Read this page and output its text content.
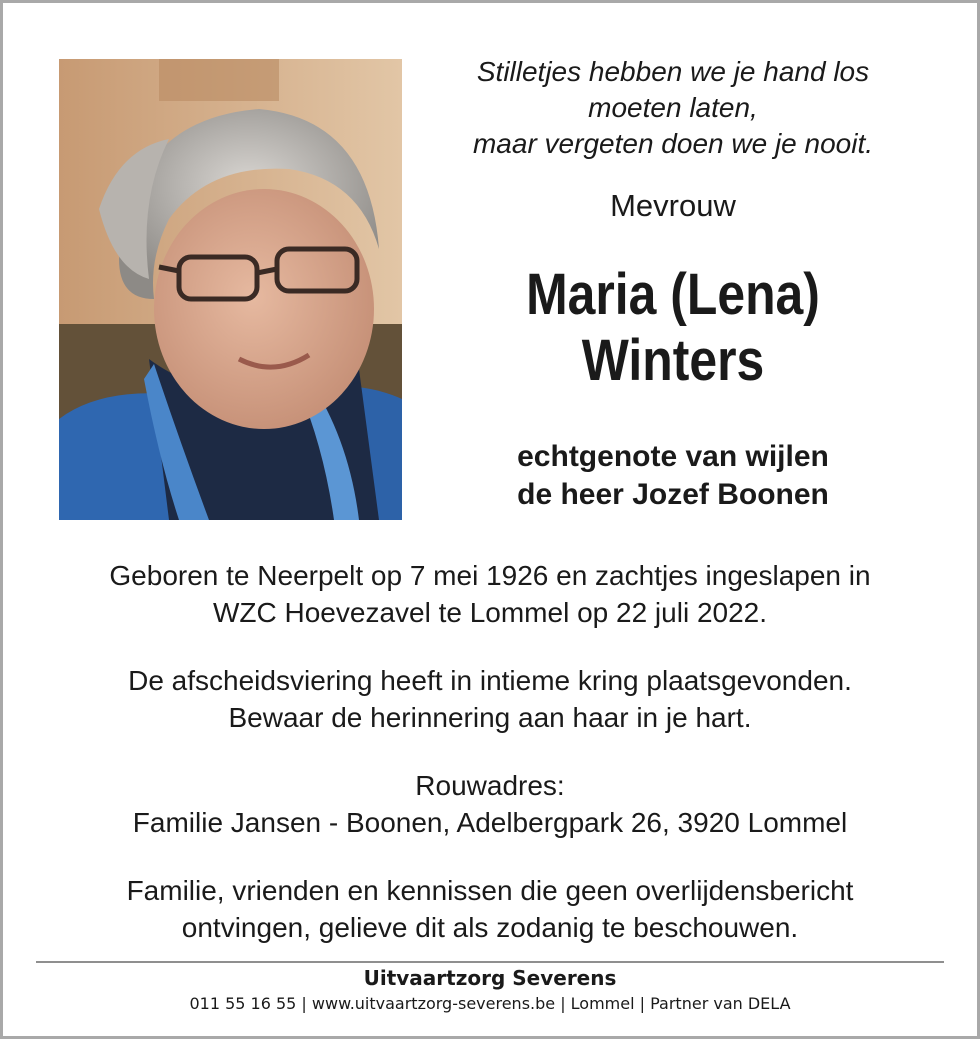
Stilletjes hebben we je hand los
moeten laten,
maar vergeten doen we je nooit.
Mevrouw
Maria (Lena)
Winters
echtgenote van wijlen
de heer Jozef Boonen
Geboren te Neerpelt op 7 mei 1926 en zachtjes ingeslapen in
WZC Hoevezavel te Lommel op 22 juli 2022.
De afscheidsviering heeft in intieme kring plaatsgevonden.
Bewaar de herinnering aan haar in je hart.
Rouwadres:
Familie Jansen - Boonen, Adelbergpark 26, 3920 Lommel
Familie, vrienden en kennissen die geen overlijdensbericht
ontvingen, gelieve dit als zodanig te beschouwen.
Uitvaartzorg Severens
011 55 16 55 | www.uitvaartzorg-severens.be | Lommel | Partner van DELA
